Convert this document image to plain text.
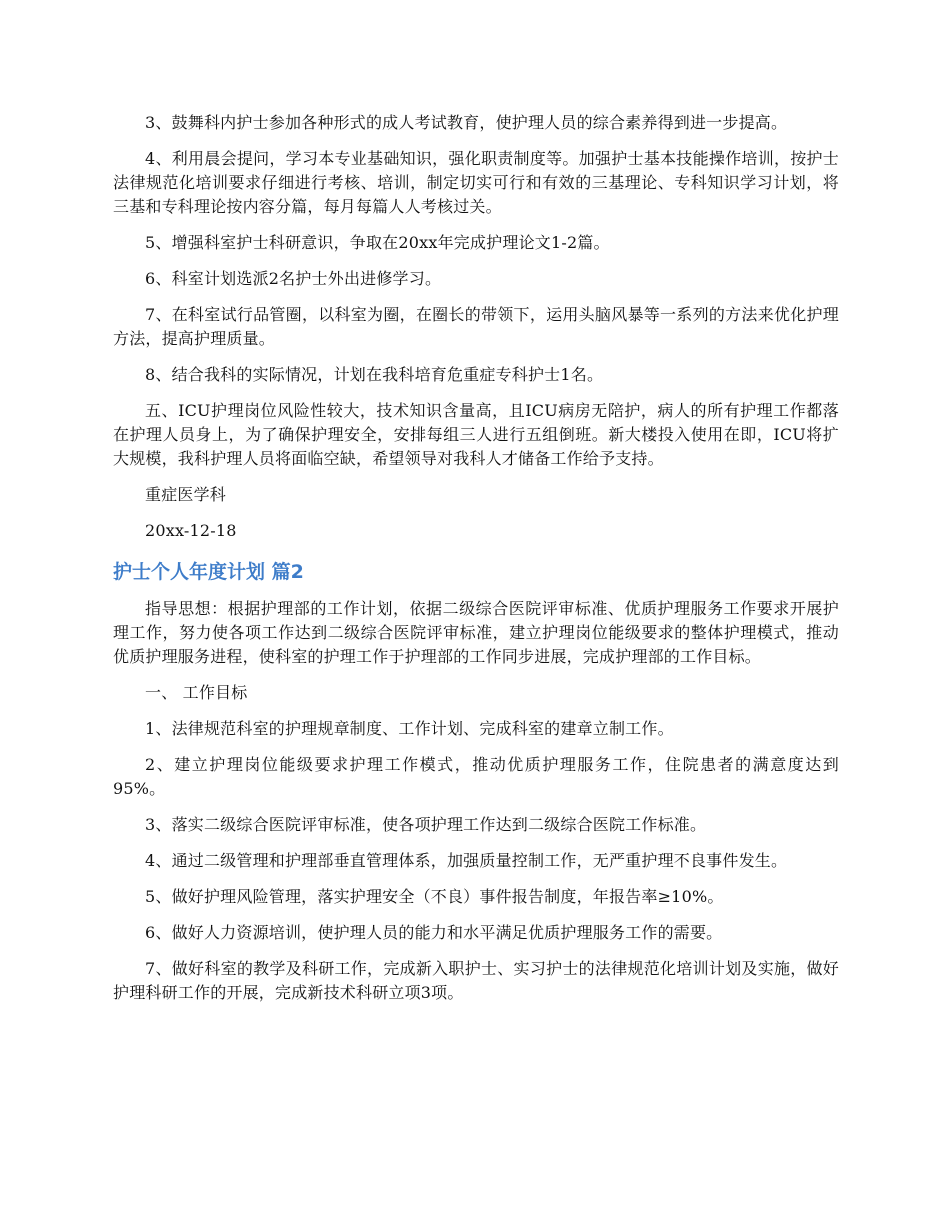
3、鼓舞科内护士参加各种形式的成人考试教育，使护理人员的综合素养得到进一步提高。

4、利用晨会提问，学习本专业基础知识，强化职责制度等。加强护士基本技能操作培训，按护士法律规范化培训要求仔细进行考核、培训，制定切实可行和有效的三基理论、专科知识学习计划，将三基和专科理论按内容分篇，每月每篇人人考核过关。

5、增强科室护士科研意识，争取在20xx年完成护理论文1-2篇。

6、科室计划选派2名护士外出进修学习。

7、在科室试行品管圈，以科室为圈，在圈长的带领下，运用头脑风暴等一系列的方法来优化护理方法，提高护理质量。

8、结合我科的实际情况，计划在我科培育危重症专科护士1名。

五、ICU护理岗位风险性较大，技术知识含量高，且ICU病房无陪护，病人的所有护理工作都落在护理人员身上，为了确保护理安全，安排每组三人进行五组倒班。新大楼投入使用在即，ICU将扩大规模，我科护理人员将面临空缺，希望领导对我科人才储备工作给予支持。

重症医学科

20xx-12-18

护士个人年度计划 篇2

指导思想：根据护理部的工作计划，依据二级综合医院评审标准、优质护理服务工作要求开展护理工作，努力使各项工作达到二级综合医院评审标准，建立护理岗位能级要求的整体护理模式，推动优质护理服务进程，使科室的护理工作于护理部的工作同步进展，完成护理部的工作目标。

一、 工作目标

1、法律规范科室的护理规章制度、工作计划、完成科室的建章立制工作。

2、建立护理岗位能级要求护理工作模式，推动优质护理服务工作，住院患者的满意度达到95%。

3、落实二级综合医院评审标准，使各项护理工作达到二级综合医院工作标准。

4、通过二级管理和护理部垂直管理体系，加强质量控制工作，无严重护理不良事件发生。

5、做好护理风险管理，落实护理安全（不良）事件报告制度，年报告率≥10%。

6、做好人力资源培训，使护理人员的能力和水平满足优质护理服务工作的需要。

7、做好科室的教学及科研工作，完成新入职护士、实习护士的法律规范化培训计划及实施，做好护理科研工作的开展，完成新技术科研立项3项。
